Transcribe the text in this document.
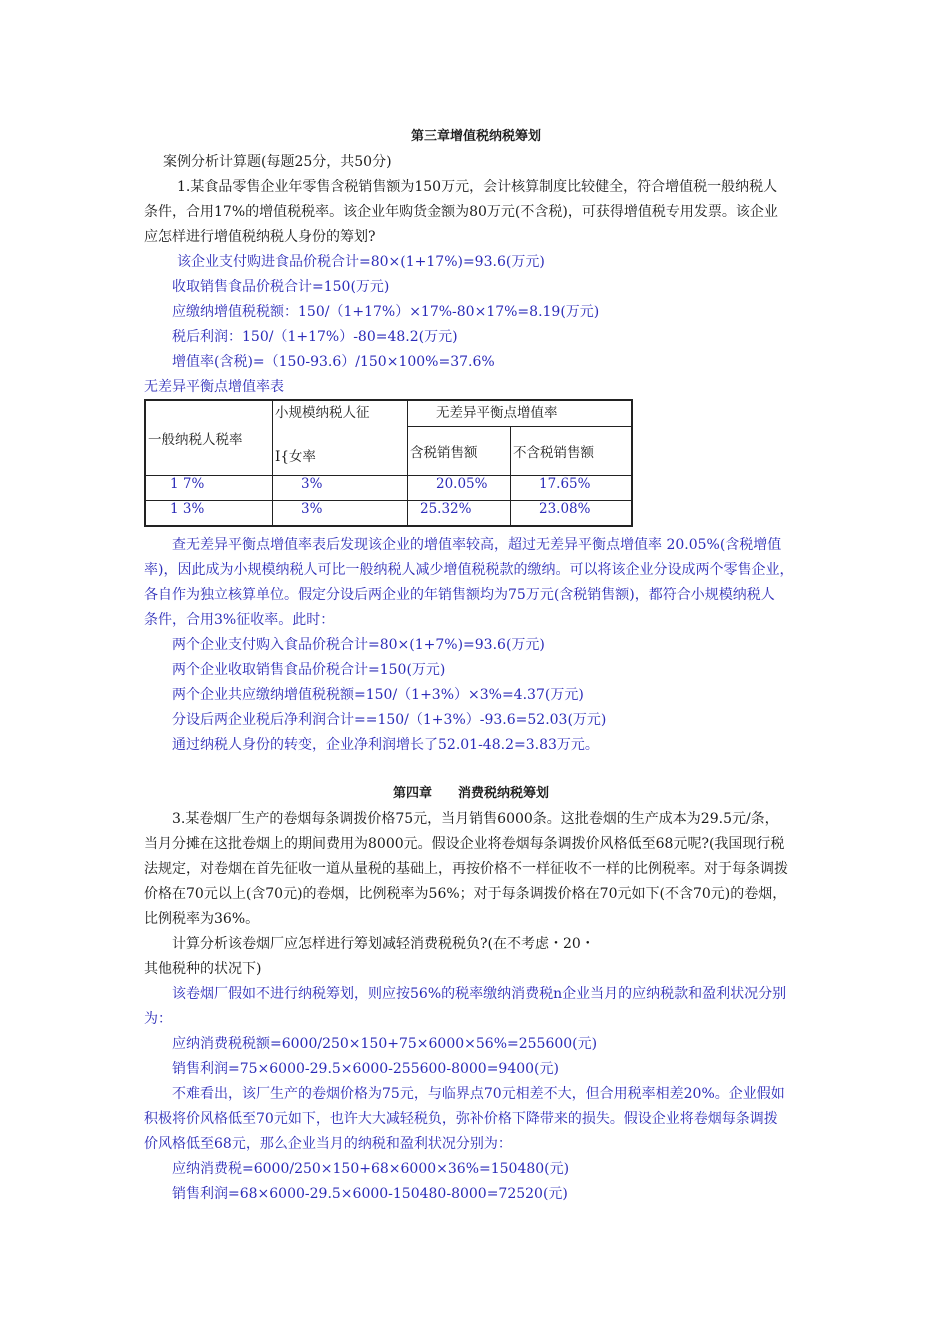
第三章增值税纳税筹划
案例分析计算题(每题25分，共50分)
1.某食品零售企业年零售含税销售额为150万元，会计核算制度比较健全，符合增值税一般纳税人
条件，合用17%的增值税税率。该企业年购货金额为80万元(不含税)，可获得增值税专用发票。该企业
应怎样进行增值税纳税人身份的筹划?
该企业支付购进食品价税合计=80×(1+17%)=93.6(万元)
收取销售食品价税合计=150(万元)
应缴纳增值税税额：150/（1+17%）×17%-80×17%=8.19(万元)
税后利润：150/（1+17%）-80=48.2(万元)
增值率(含税)=（150-93.6）/150×100%=37.6%
无差异平衡点增值率表
一般纳税人税率	小规模纳税人征
I{女率	无差异平衡点增值率	
		含税销售额	不含税销售额
1 7%	3%	20.05%	17.65%
1 3%	3%	25.32%	23.08%
查无差异平衡点增值率表后发现该企业的增值率较高，超过无差异平衡点增值率 20.05%(含税增值
率)，因此成为小规模纳税人可比一般纳税人减少增值税税款的缴纳。可以将该企业分设成两个零售企业，
各自作为独立核算单位。假定分设后两企业的年销售额均为75万元(含税销售额)，都符合小规模纳税人
条件，合用3%征收率。此时：
两个企业支付购入食品价税合计=80×(1+7%)=93.6(万元)
两个企业收取销售食品价税合计=150(万元)
两个企业共应缴纳增值税税额=150/（1+3%）×3%=4.37(万元)
分设后两企业税后净利润合计==150/（1+3%）-93.6=52.03(万元)
通过纳税人身份的转变，企业净利润增长了52.01-48.2=3.83万元。
第四章　　消费税纳税筹划
3.某卷烟厂生产的卷烟每条调拨价格75元，当月销售6000条。这批卷烟的生产成本为29.5元/条，
当月分摊在这批卷烟上的期间费用为8000元。假设企业将卷烟每条调拨价风格低至68元呢?(我国现行税
法规定，对卷烟在首先征收一道从量税的基础上，再按价格不一样征收不一样的比例税率。对于每条调拨
价格在70元以上(含70元)的卷烟，比例税率为56%；对于每条调拨价格在70元如下(不含70元)的卷烟，
比例税率为36%。
计算分析该卷烟厂应怎样进行筹划减轻消费税税负?(在不考虑・20・
其他税种的状况下)
该卷烟厂假如不进行纳税筹划，则应按56%的税率缴纳消费税n企业当月的应纳税款和盈利状况分别
为：
应纳消费税税额=6000/250×150+75×6000×56%=255600(元)
销售利润=75×6000-29.5×6000-255600-8000=9400(元)
不难看出，该厂生产的卷烟价格为75元，与临界点70元相差不大，但合用税率相差20%。企业假如
积极将价风格低至70元如下，也许大大减轻税负，弥补价格下降带来的损失。假设企业将卷烟每条调拨
价风格低至68元，那么企业当月的纳税和盈利状况分别为：
应纳消费税=6000/250×150+68×6000×36%=150480(元)
销售利润=68×6000-29.5×6000-150480-8000=72520(元)
